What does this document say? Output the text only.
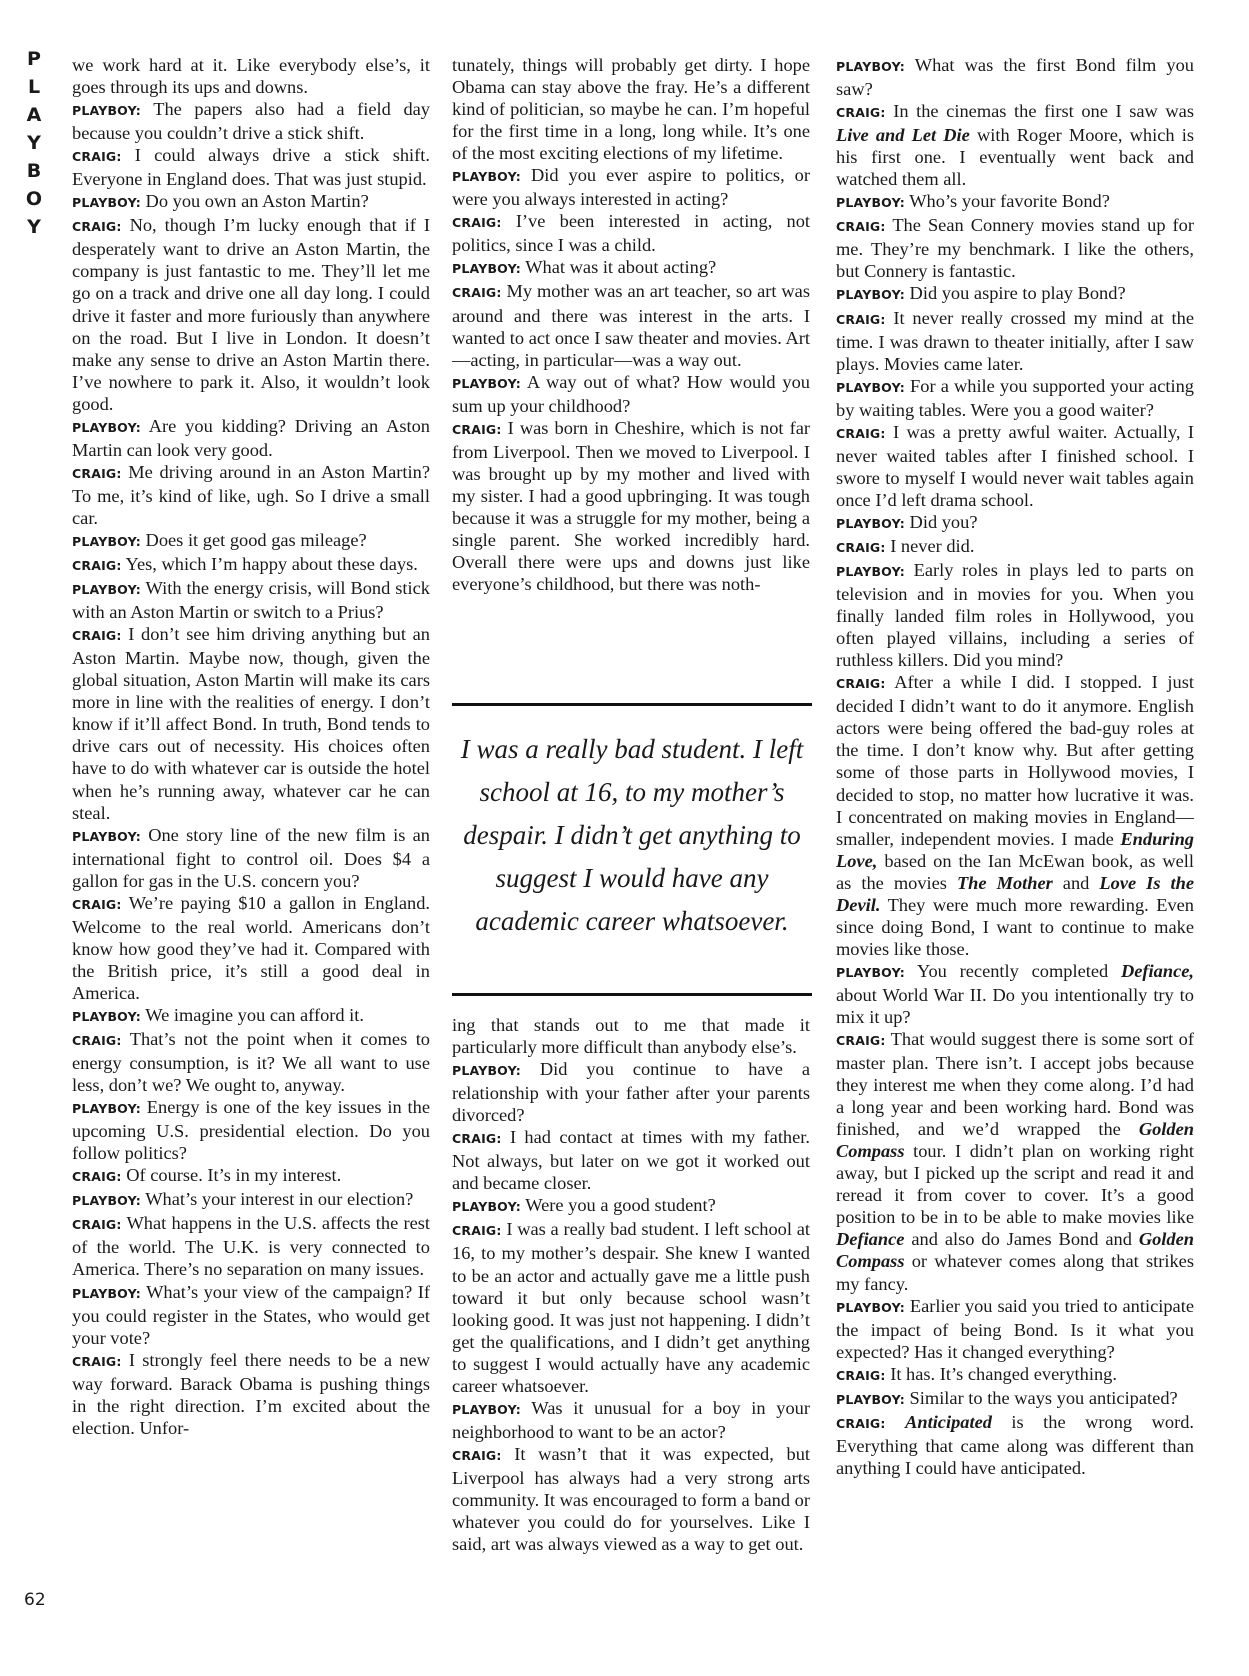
P
L
A
Y
B
O
Y

we work hard at it. Like everybody else’s, it goes through its ups and downs.

PLAYBOY: The papers also had a field day because you couldn’t drive a stick shift.

CRAIG: I could always drive a stick shift. Everyone in England does. That was just stupid.

PLAYBOY: Do you own an Aston Martin?

CRAIG: No, though I’m lucky enough that if I desperately want to drive an Aston Martin, the company is just fantastic to me. They’ll let me go on a track and drive one all day long. I could drive it faster and more furiously than anywhere on the road. But I live in London. It doesn’t make any sense to drive an Aston Martin there. I’ve nowhere to park it. Also, it wouldn’t look good.

PLAYBOY: Are you kidding? Driving an Aston Martin can look very good.

CRAIG: Me driving around in an Aston Martin? To me, it’s kind of like, ugh. So I drive a small car.

PLAYBOY: Does it get good gas mileage?

CRAIG: Yes, which I’m happy about these days.

PLAYBOY: With the energy crisis, will Bond stick with an Aston Martin or switch to a Prius?

CRAIG: I don’t see him driving anything but an Aston Martin. Maybe now, though, given the global situation, Aston Martin will make its cars more in line with the realities of energy. I don’t know if it’ll affect Bond. In truth, Bond tends to drive cars out of necessity. His choices often have to do with whatever car is outside the hotel when he’s running away, whatever car he can steal.

PLAYBOY: One story line of the new film is an international fight to control oil. Does $4 a gallon for gas in the U.S. concern you?

CRAIG: We’re paying $10 a gallon in England. Welcome to the real world. Americans don’t know how good they’ve had it. Compared with the British price, it’s still a good deal in America.

PLAYBOY: We imagine you can afford it.

CRAIG: That’s not the point when it comes to energy consumption, is it? We all want to use less, don’t we? We ought to, anyway.

PLAYBOY: Energy is one of the key issues in the upcoming U.S. presidential election. Do you follow politics?

CRAIG: Of course. It’s in my interest.

PLAYBOY: What’s your interest in our election?

CRAIG: What happens in the U.S. affects the rest of the world. The U.K. is very connected to America. There’s no separation on many issues.

PLAYBOY: What’s your view of the campaign? If you could register in the States, who would get your vote?

CRAIG: I strongly feel there needs to be a new way forward. Barack Obama is pushing things in the right direction. I’m excited about the election. Unfor-

tunately, things will probably get dirty. I hope Obama can stay above the fray. He’s a different kind of politician, so maybe he can. I’m hopeful for the first time in a long, long while. It’s one of the most exciting elections of my lifetime.

PLAYBOY: Did you ever aspire to politics, or were you always interested in acting?

CRAIG: I’ve been interested in acting, not politics, since I was a child.

PLAYBOY: What was it about acting?

CRAIG: My mother was an art teacher, so art was around and there was interest in the arts. I wanted to act once I saw theater and movies. Art—acting, in particular—was a way out.

PLAYBOY: A way out of what? How would you sum up your childhood?

CRAIG: I was born in Cheshire, which is not far from Liverpool. Then we moved to Liverpool. I was brought up by my mother and lived with my sister. I had a good upbringing. It was tough because it was a struggle for my mother, being a single parent. She worked incredibly hard. Overall there were ups and downs just like everyone’s childhood, but there was noth-

I was a really bad student. I left school at 16, to my mother’s despair. I didn’t get anything to suggest I would have any academic career whatsoever.

ing that stands out to me that made it particularly more difficult than anybody else’s.

PLAYBOY: Did you continue to have a relationship with your father after your parents divorced?

CRAIG: I had contact at times with my father. Not always, but later on we got it worked out and became closer.

PLAYBOY: Were you a good student?

CRAIG: I was a really bad student. I left school at 16, to my mother’s despair. She knew I wanted to be an actor and actually gave me a little push toward it but only because school wasn’t looking good. It was just not happening. I didn’t get the qualifications, and I didn’t get anything to suggest I would actually have any academic career whatsoever.

PLAYBOY: Was it unusual for a boy in your neighborhood to want to be an actor?

CRAIG: It wasn’t that it was expected, but Liverpool has always had a very strong arts community. It was encouraged to form a band or whatever you could do for yourselves. Like I said, art was always viewed as a way to get out.

PLAYBOY: What was the first Bond film you saw?

CRAIG: In the cinemas the first one I saw was Live and Let Die with Roger Moore, which is his first one. I eventually went back and watched them all.

PLAYBOY: Who’s your favorite Bond?

CRAIG: The Sean Connery movies stand up for me. They’re my benchmark. I like the others, but Connery is fantastic.

PLAYBOY: Did you aspire to play Bond?

CRAIG: It never really crossed my mind at the time. I was drawn to theater initially, after I saw plays. Movies came later.

PLAYBOY: For a while you supported your acting by waiting tables. Were you a good waiter?

CRAIG: I was a pretty awful waiter. Actually, I never waited tables after I finished school. I swore to myself I would never wait tables again once I’d left drama school.

PLAYBOY: Did you?

CRAIG: I never did.

PLAYBOY: Early roles in plays led to parts on television and in movies for you. When you finally landed film roles in Hollywood, you often played villains, including a series of ruthless killers. Did you mind?

CRAIG: After a while I did. I stopped. I just decided I didn’t want to do it anymore. English actors were being offered the bad-guy roles at the time. I don’t know why. But after getting some of those parts in Hollywood movies, I decided to stop, no matter how lucrative it was. I concentrated on making movies in England—smaller, independent movies. I made Enduring Love, based on the Ian McEwan book, as well as the movies The Mother and Love Is the Devil. They were much more rewarding. Even since doing Bond, I want to continue to make movies like those.

PLAYBOY: You recently completed Defiance, about World War II. Do you intentionally try to mix it up?

CRAIG: That would suggest there is some sort of master plan. There isn’t. I accept jobs because they interest me when they come along. I’d had a long year and been working hard. Bond was finished, and we’d wrapped the Golden Compass tour. I didn’t plan on working right away, but I picked up the script and read it and reread it from cover to cover. It’s a good position to be in to be able to make movies like Defiance and also do James Bond and Golden Compass or whatever comes along that strikes my fancy.

PLAYBOY: Earlier you said you tried to anticipate the impact of being Bond. Is it what you expected? Has it changed everything?

CRAIG: It has. It’s changed everything.

PLAYBOY: Similar to the ways you anticipated?

CRAIG: Anticipated is the wrong word. Everything that came along was different than anything I could have anticipated.

62
